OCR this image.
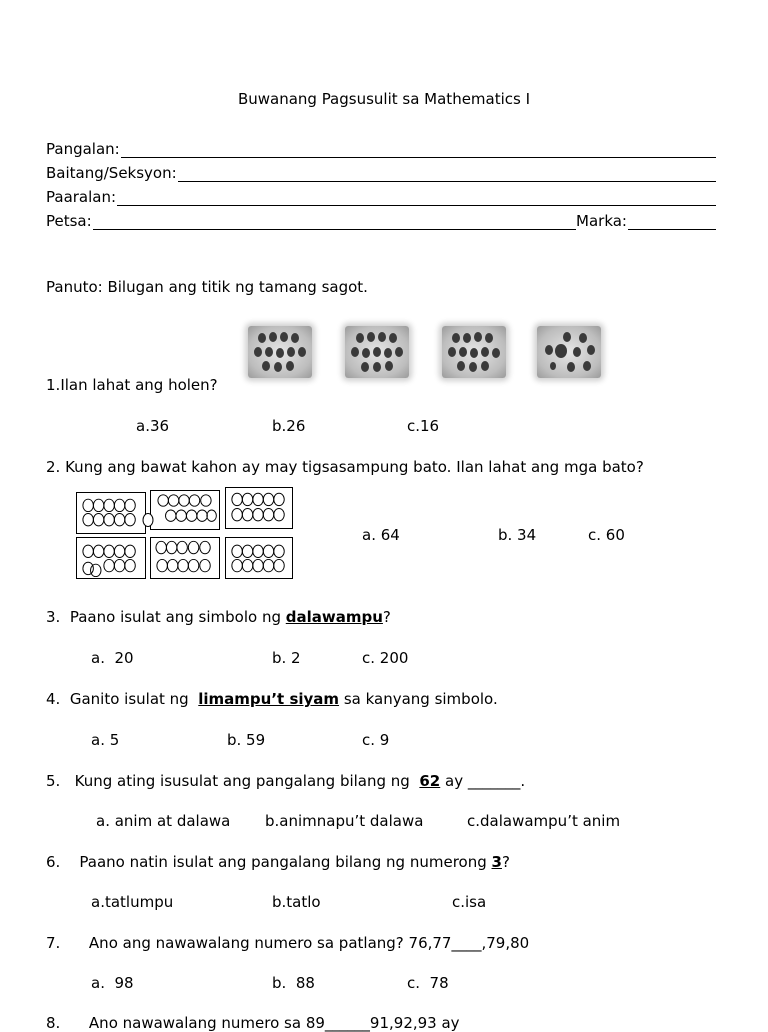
Buwanang Pagsusulit sa Mathematics I
Pangalan:
Baitang/Seksyon:
Paaralan:
Petsa:	Marka:
Panuto: Bilugan ang titik ng tamang sagot.
1.Ilan lahat ang holen?
a.36	b.26	c.16
2. Kung ang bawat kahon ay may tigsasampung bato. Ilan lahat ang mga bato?
a. 64	b. 34	c. 60
3. Paano isulat ang simbolo ng dalawampu?
a.  20	b. 2	c. 200
4. Ganito isulat ng  limampu’t siyam sa kanyang simbolo.
a. 5	b. 59	c. 9
5. Kung ating isusulat ang pangalang bilang ng  62 ay _______.
a. anim at dalawa b.animnapu’t dalawa	c.dalawampu’t anim
6. Paano natin isulat ang pangalang bilang ng numerong 3?
a.tatlumpu	b.tatlo	c.isa
7. Ano ang nawawalang numero sa patlang? 76,77____,79,80
a.  98	b.  88	c.  78
8. Ano nawawalang numero sa 89______91,92,93 ay
